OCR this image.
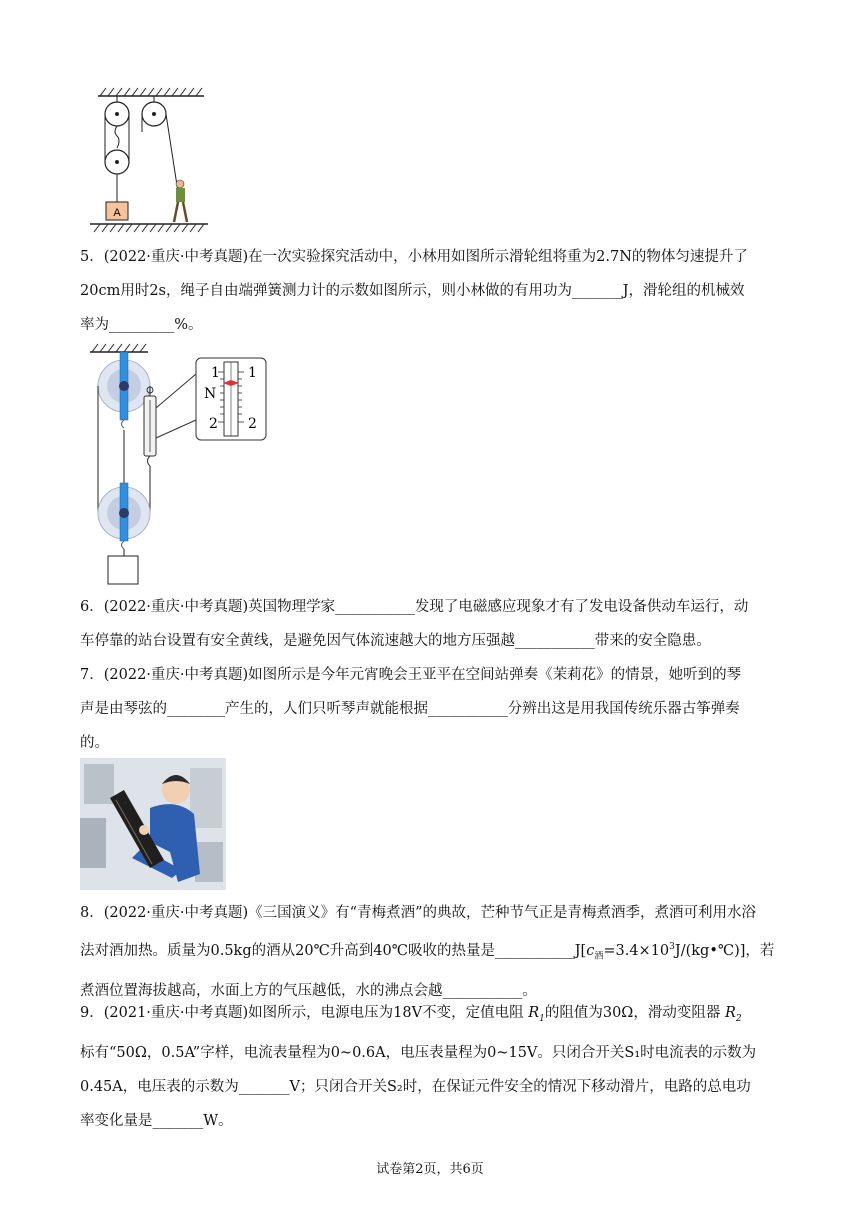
A
5．(2022·重庆·中考真题)在一次实验探究活动中，小林用如图所示滑轮组将重为2.7N的物体匀速提升了
20cm用时2s，绳子自由端弹簧测力计的示数如图所示，则小林做的有用功为_______J，滑轮组的机械效
率为_________%。
1 1
N
2 2
6．(2022·重庆·中考真题)英国物理学家___________发现了电磁感应现象才有了发电设备供动车运行，动
车停靠的站台设置有安全黄线，是避免因气体流速越大的地方压强越___________带来的安全隐患。
7．(2022·重庆·中考真题)如图所示是今年元宵晚会王亚平在空间站弹奏《茉莉花》的情景，她听到的琴
声是由琴弦的________产生的，人们只听琴声就能根据___________分辨出这是用我国传统乐器古筝弹奏
的。
8．(2022·重庆·中考真题)《三国演义》有“青梅煮酒”的典故，芒种节气正是青梅煮酒季，煮酒可利用水浴
法对酒加热。质量为0.5kg的酒从20℃升高到40℃吸收的热量是$\_\_\_\_\_\_\_\_\_\_\_J[c_酒=3.4\times 10^3J/(kg•℃)]$，若
煮酒位置海拔越高，水面上方的气压越低，水的沸点会越___________。
9．(2021·重庆·中考真题)如图所示，电源电压为18V不变，定值电阻 $R_1$的阻值为30Ω，滑动变阻器 $R_2$
标有“50Ω，0.5A”字样，电流表量程为0~0.6A，电压表量程为0~15V。只闭合开关S₁时电流表的示数为
0.45A，电压表的示数为_______V；只闭合开关S₂时，在保证元件安全的情况下移动滑片，电路的总电功
率变化量是_______W。
试卷第2页，共6页
